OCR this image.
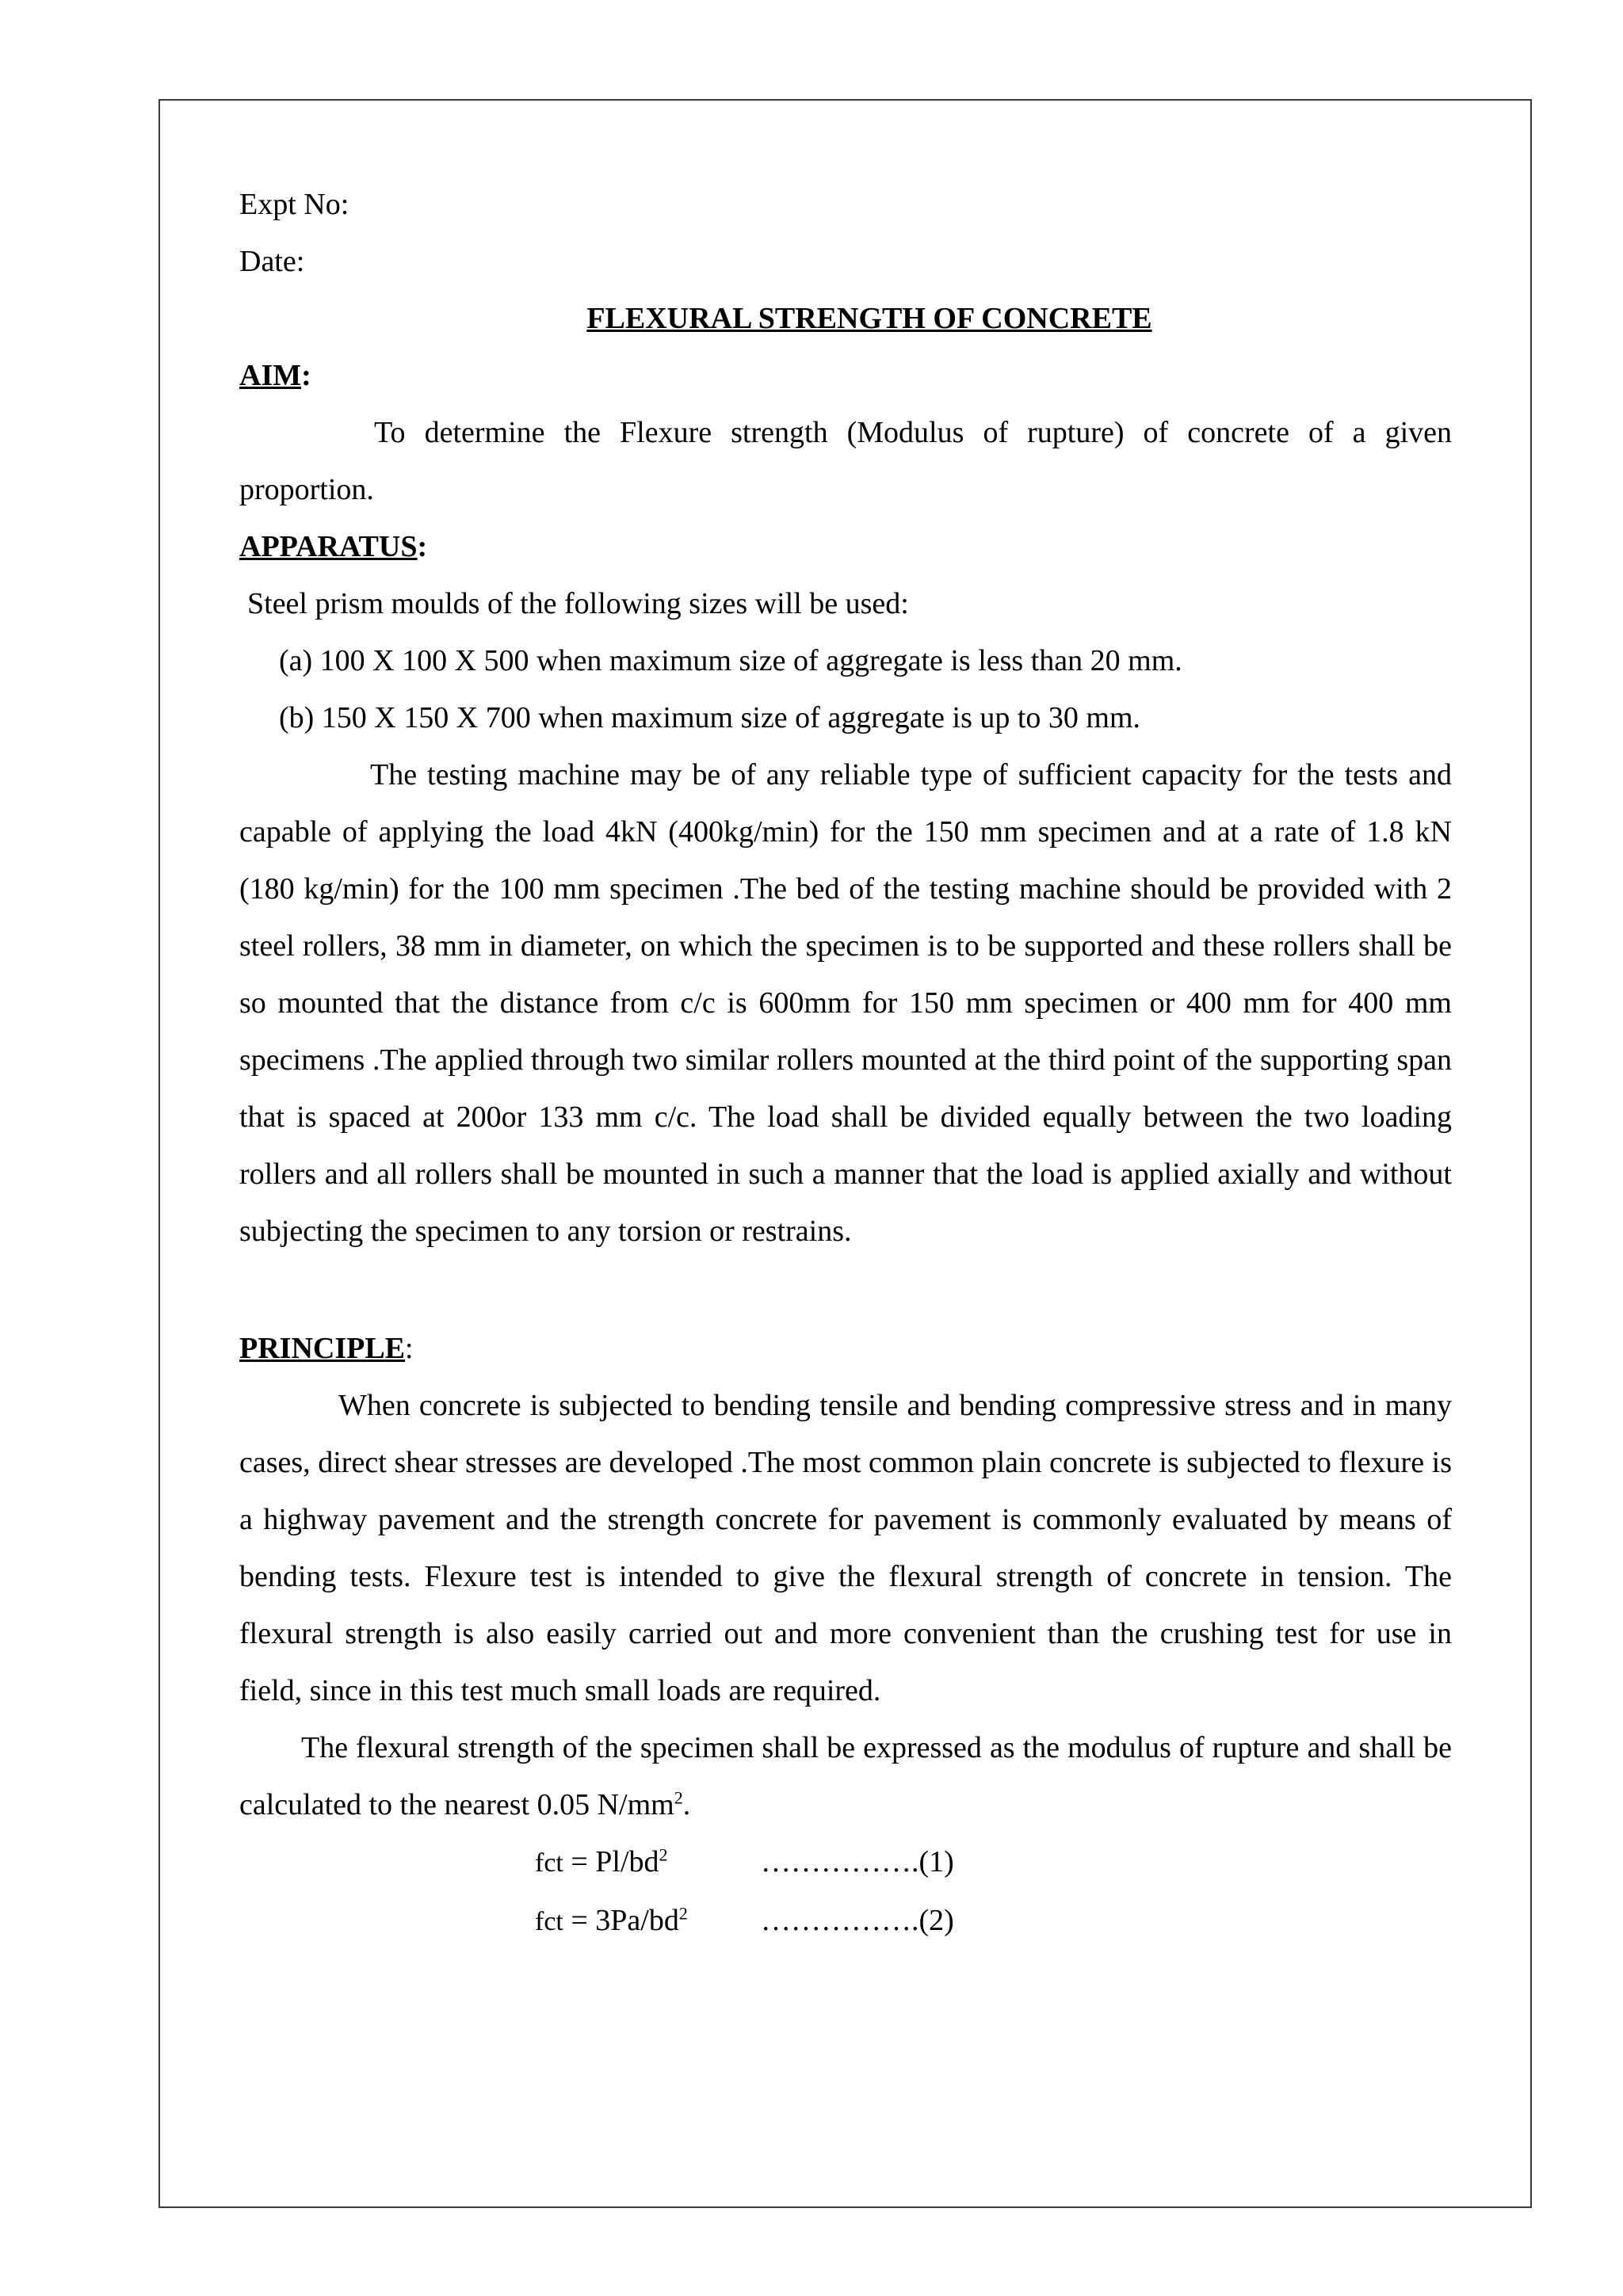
Expt No:
Date:
FLEXURAL STRENGTH OF CONCRETE
AIM:

To determine the Flexure strength (Modulus of rupture) of concrete of a given proportion.

APPARATUS:
Steel prism moulds of the following sizes will be used:
(a) 100 X 100 X 500 when maximum size of aggregate is less than 20 mm.
(b) 150 X 150 X 700 when maximum size of aggregate is up to 30 mm.

The testing machine may be of any reliable type of sufficient capacity for the tests and capable of applying the load 4kN (400kg/min) for the 150 mm specimen and at a rate of 1.8 kN (180 kg/min) for the 100 mm specimen .The bed of the testing machine should be provided with 2 steel rollers, 38 mm in diameter, on which the specimen is to be supported and these rollers shall be so mounted that the distance from c/c is 600mm for 150 mm specimen or 400 mm for 400 mm specimens .The applied through two similar rollers mounted at the third point of the supporting span that is spaced at 200or 133 mm c/c. The load shall be divided equally between the two loading rollers and all rollers shall be mounted in such a manner that the load is applied axially and without subjecting the specimen to any torsion or restrains.

PRINCIPLE:

When concrete is subjected to bending tensile and bending compressive stress and in many cases, direct shear stresses are developed .The most common plain concrete is subjected to flexure is a highway pavement and the strength concrete for pavement is commonly evaluated by means of bending tests. Flexure test is intended to give the flexural strength of concrete in tension. The flexural strength is also easily carried out and more convenient than the crushing test for use in field, since in this test much small loads are required.

The flexural strength of the specimen shall be expressed as the modulus of rupture and shall be calculated to the nearest 0.05 $N/mm^2$.

fct = $Pl/bd^2$	…………….(1)
fct = $3Pa/bd^2$	…………….(2)
